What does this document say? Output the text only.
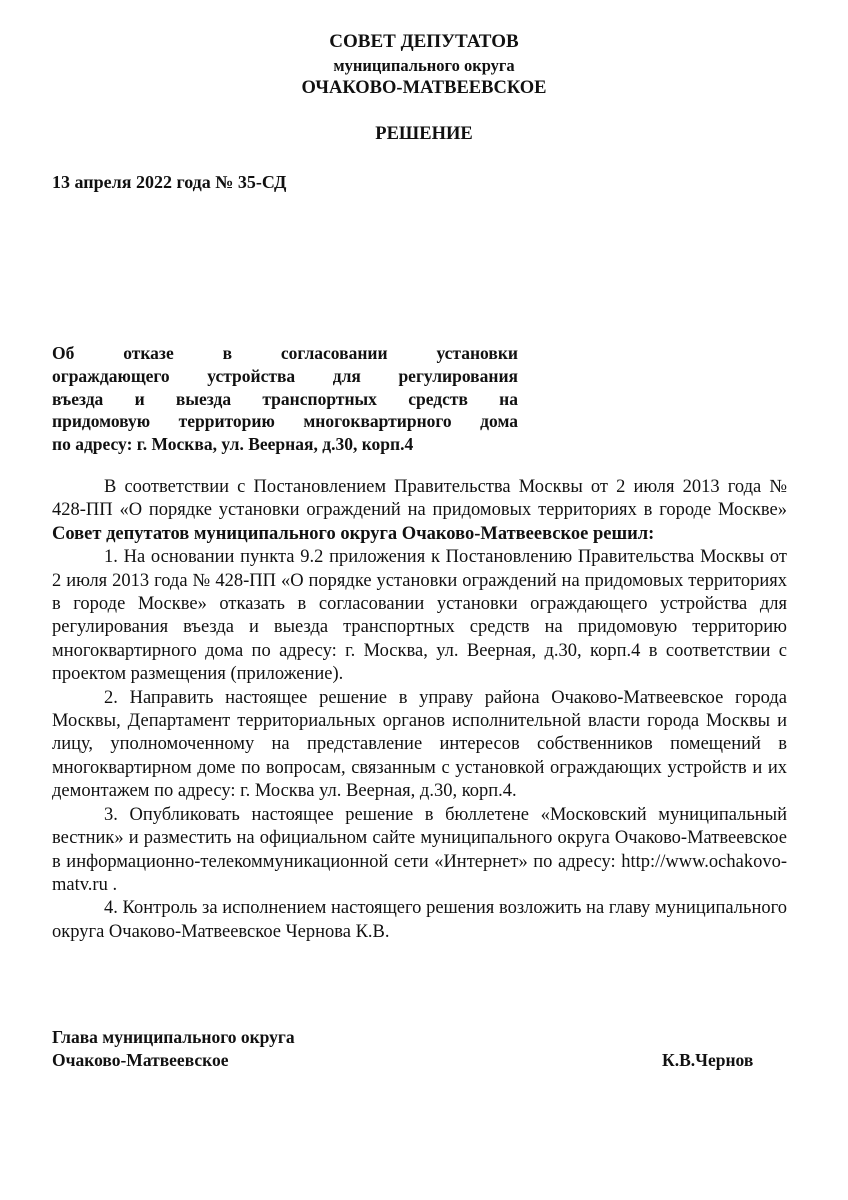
СОВЕТ ДЕПУТАТОВ
муниципального округа
ОЧАКОВО-МАТВЕЕВСКОЕ
РЕШЕНИЕ
13 апреля 2022 года № 35-СД
Об отказе в согласовании установки
ограждающего устройства для регулирования
въезда и выезда транспортных средств на
придомовую территорию многоквартирного дома
по адресу: г. Москва, ул. Веерная, д.30, корп.4

В соответствии с Постановлением Правительства Москвы от 2 июля 2013 года № 428-ПП «О порядке установки ограждений на придомовых территориях в городе Москве» Совет депутатов муниципального округа Очаково-Матвеевское решил:

1. На основании пункта 9.2 приложения к Постановлению Правительства Москвы от 2 июля 2013 года № 428-ПП «О порядке установки ограждений на придомовых территориях в городе Москве» отказать в согласовании установки ограждающего устройства для регулирования въезда и выезда транспортных средств на придомовую территорию многоквартирного дома по адресу: г. Москва, ул. Веерная, д.30, корп.4 в соответствии с проектом размещения (приложение).

2. Направить настоящее решение в управу района Очаково-Матвеевское города Москвы, Департамент территориальных органов исполнительной власти города Москвы и лицу, уполномоченному на представление интересов собственников помещений в многоквартирном доме по вопросам, связанным с установкой ограждающих устройств и их демонтажем по адресу: г. Москва ул. Веерная, д.30, корп.4.

3. Опубликовать настоящее решение в бюллетене «Московский муниципальный вестник» и разместить на официальном сайте муниципального округа Очаково-Матвеевское в информационно-телекоммуникационной сети «Интернет» по адресу: http://www.ochakovo-matv.ru .

4. Контроль за исполнением настоящего решения возложить на главу муниципального округа Очаково-Матвеевское Чернова К.В.

Глава муниципального округа
Очаково-Матвеевское	К.В.Чернов
